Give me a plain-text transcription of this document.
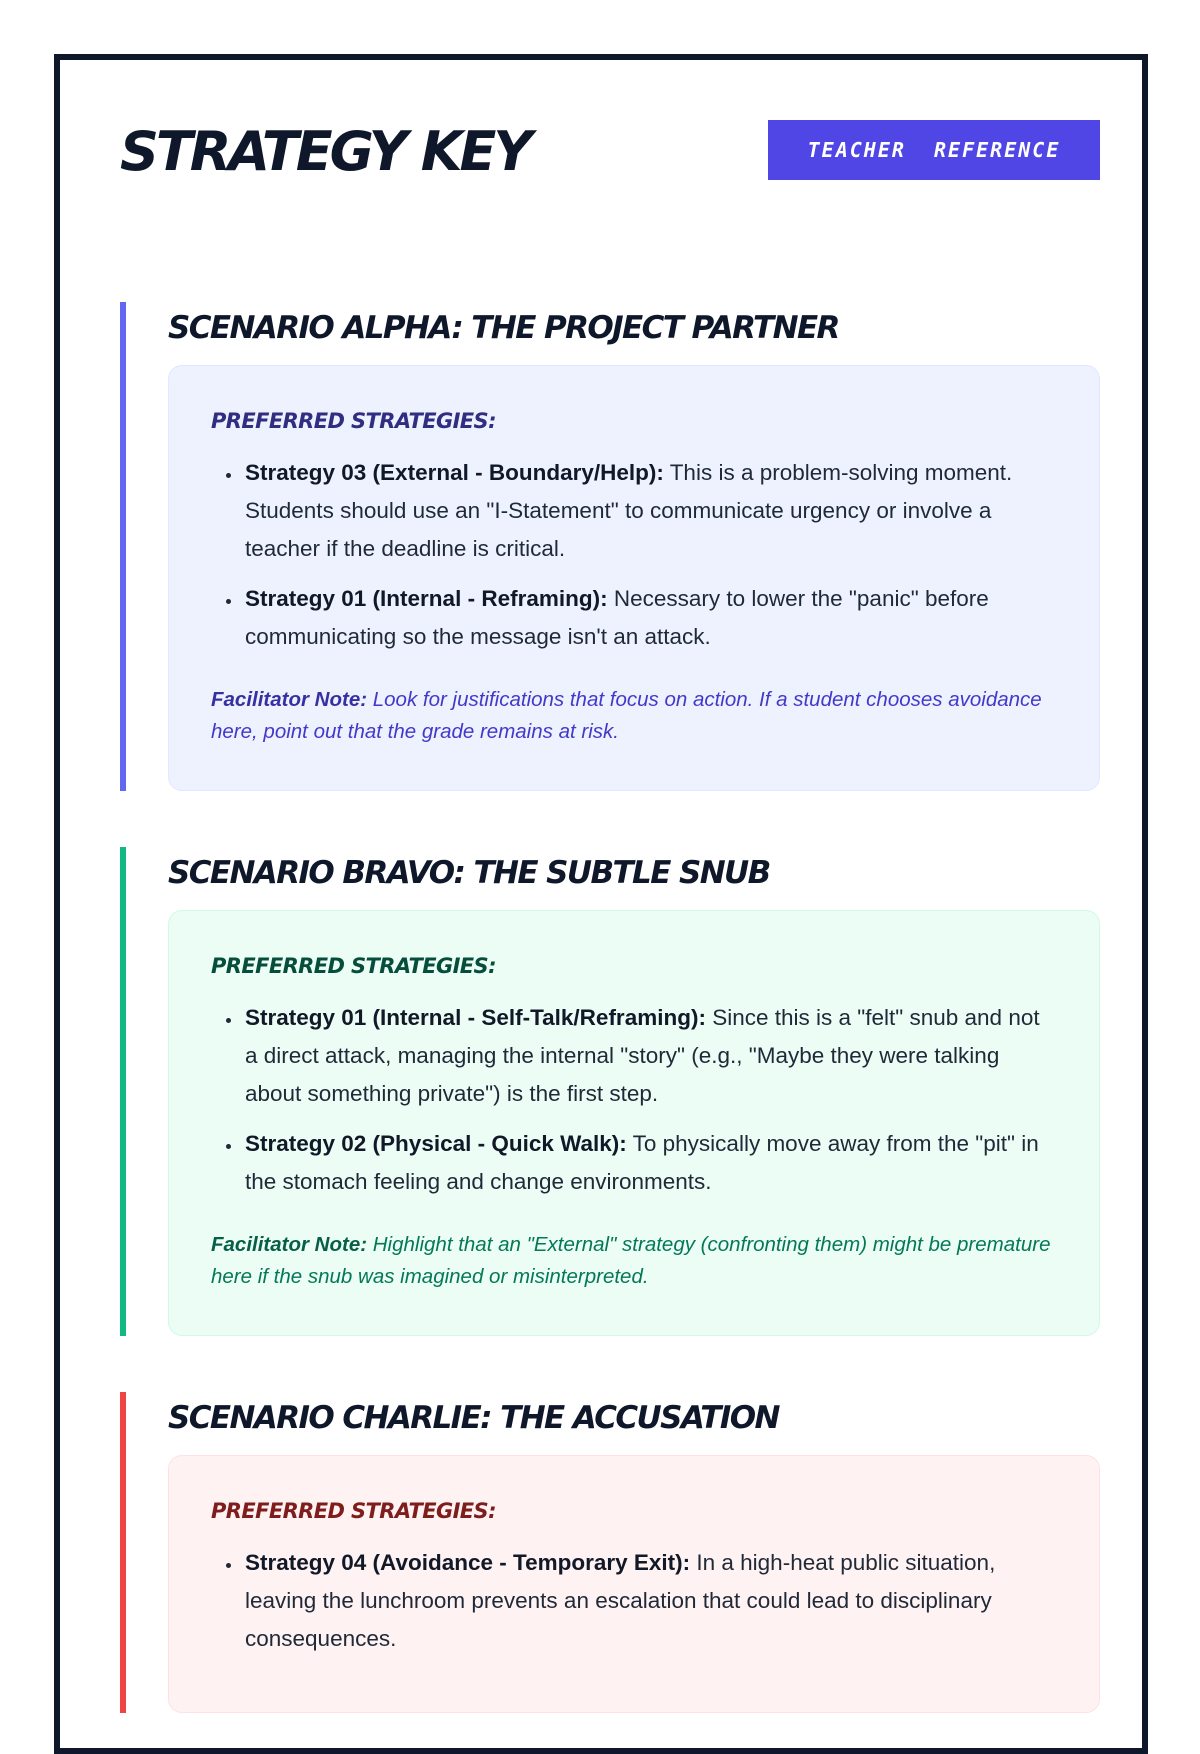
STRATEGY KEY	TEACHER  REFERENCE
SCENARIO ALPHA: THE PROJECT PARTNER
PREFERRED STRATEGIES:
• Strategy 03 (External - Boundary/Help): This is a problem-solving moment. Students should use an "I-Statement" to communicate urgency or involve a teacher if the deadline is critical.
• Strategy 01 (Internal - Reframing): Necessary to lower the "panic" before communicating so the message isn't an attack.

Facilitator Note: Look for justifications that focus on action. If a student chooses avoidance here, point out that the grade remains at risk.

SCENARIO BRAVO: THE SUBTLE SNUB
PREFERRED STRATEGIES:
• Strategy 01 (Internal - Self-Talk/Reframing): Since this is a "felt" snub and not a direct attack, managing the internal "story" (e.g., "Maybe they were talking about something private") is the first step.
• Strategy 02 (Physical - Quick Walk): To physically move away from the "pit" in the stomach feeling and change environments.

Facilitator Note: Highlight that an "External" strategy (confronting them) might be premature here if the snub was imagined or misinterpreted.

SCENARIO CHARLIE: THE ACCUSATION
PREFERRED STRATEGIES:
• Strategy 04 (Avoidance - Temporary Exit): In a high-heat public situation, leaving the lunchroom prevents an escalation that could lead to disciplinary consequences.
